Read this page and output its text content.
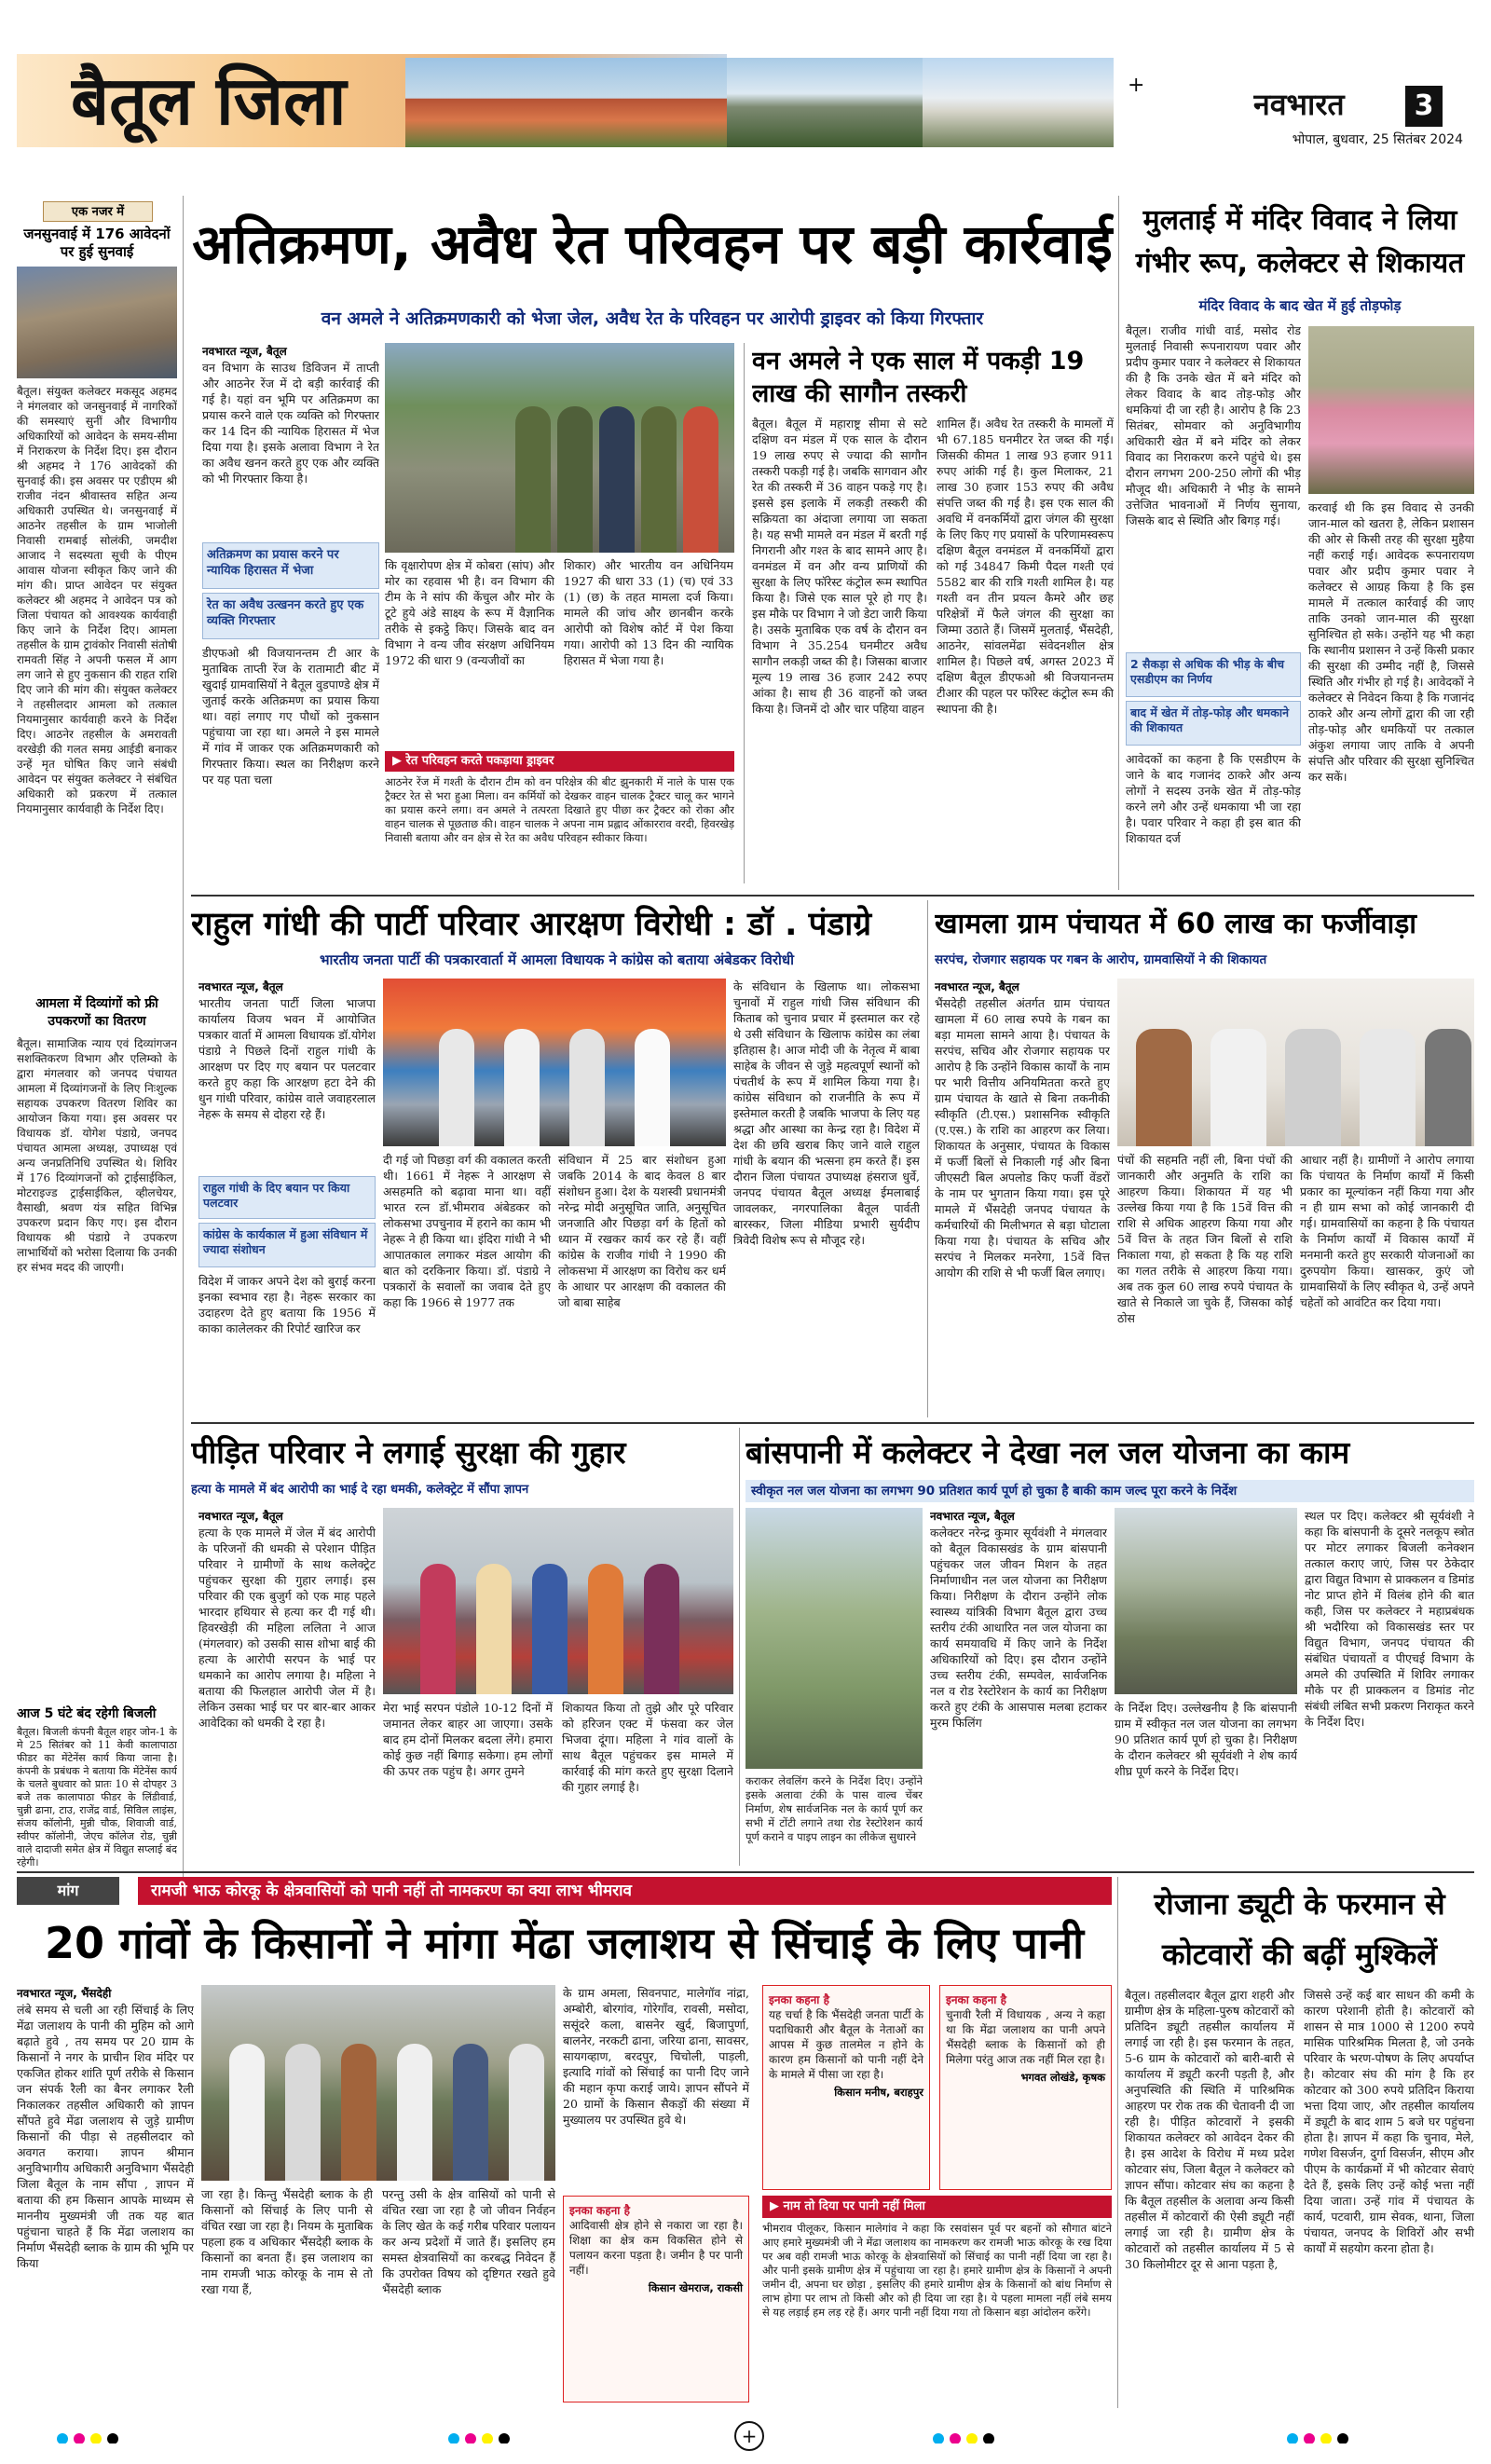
बैतूल जिला	+
नवभारत	3
भोपाल, बुधवार, 25 सितंबर 2024
एक नजर में
जनसुनवाई में 176 आवेदनों पर हुई सुनवाई
बैतूल। संयुक्त कलेक्टर मकसूद अहमद ने मंगलवार को जनसुनवाई में नागरिकों की समस्याएं सुनीं और विभागीय अधिकारियों को आवेदन के समय-सीमा में निराकरण के निर्देश दिए। इस दौरान श्री अहमद ने 176 आवेदकों की सुनवाई की। इस अवसर पर एडीएम श्री राजीव नंदन श्रीवास्तव सहित अन्य अधिकारी उपस्थित थे। जनसुनवाई में आठनेर तहसील के ग्राम भाजोली निवासी रामबाई सोलंकी, जमदीश आजाद ने सदस्यता सूची के पीएम आवास योजना स्वीकृत किए जाने की मांग की। प्राप्त आवेदन पर संयुक्त कलेक्टर श्री अहमद ने आवेदन पत्र को जिला पंचायत को आवश्यक कार्यवाही किए जाने के निर्देश दिए। आमला तहसील के ग्राम ट्रावंकोर निवासी संतोषी रामवती सिंह ने अपनी फसल में आग लग जाने से हुए नुकसान की राहत राशि दिए जाने की मांग की। संयुक्त कलेक्टर ने तहसीलदार आमला को तत्काल नियमानुसार कार्यवाही करने के निर्देश दिए। आठनेर तहसील के अमरावती वरखेड़ी की गलत समग्र आईडी बनाकर उन्हें मृत घोषित किए जाने संबंधी आवेदन पर संयुक्त कलेक्टर ने संबंधित अधिकारी को प्रकरण में तत्काल नियमानुसार कार्यवाही के निर्देश दिए।
आमला में दिव्यांगों को फ्री उपकरणों का वितरण
बैतूल। सामाजिक न्याय एवं दिव्यांगजन सशक्तिकरण विभाग और एलिम्को के द्वारा मंगलवार को जनपद पंचायत आमला में दिव्यांगजनों के लिए निःशुल्क सहायक उपकरण वितरण शिविर का आयोजन किया गया। इस अवसर पर विधायक डॉ. योगेश पंडाग्रे, जनपद पंचायत आमला अध्यक्ष, उपाध्यक्ष एवं अन्य जनप्रतिनिधि उपस्थित थे। शिविर में 176 दिव्यांगजनों को ट्राईसाईकिल, मोटराइज्ड ट्राईसाईकिल, व्हीलचेयर, वैसाखी, श्रवण यंत्र सहित विभिन्न उपकरण प्रदान किए गए। इस दौरान विधायक श्री पंडाग्रे ने उपकरण लाभार्थियों को भरोसा दिलाया कि उनकी हर संभव मदद की जाएगी।
आज 5 घंटे बंद रहेगी बिजली
बैतूल। बिजली कंपनी बैतूल शहर जोन-1 के मे 25 सितंबर को 11 केवी कालापाठा फीडर का मेंटेनेंस कार्य किया जाना है। कंपनी के प्रबंधक ने बताया कि मेंटेनेंस कार्य के चलते बुधवार को प्रातः 10 से दोपहर 3 बजे तक कालापाठा फीडर के लिंडीवार्ड, चुन्नी ढाना, टाउ, राजेंद्र वार्ड, सिविल लाइंस, संजय कॉलोनी, मुन्नी चौक, शिवाजी वार्ड, स्वीपर कॉलोनी, जेएच कॉलेज रोड, चुन्नी वाले दादाजी समेत क्षेत्र में विद्युत सप्लाई बंद रहेगी।
अतिक्रमण, अवैध रेत परिवहन पर बड़ी कार्रवाई
वन अमले ने अतिक्रमणकारी को भेजा जेल, अवैध रेत के परिवहन पर आरोपी ड्राइवर को किया गिरफ्तार
नवभारत न्यूज, बैतूल
वन विभाग के साउथ डिविजन में ताप्ती और आठनेर रेंज में दो बड़ी कार्रवाई की गई है। यहां वन भूमि पर अतिक्रमण का प्रयास करने वाले एक व्यक्ति को गिरफ्तार कर 14 दिन की न्यायिक हिरासत में भेज दिया गया है। इसके अलावा विभाग ने रेत का अवैध खनन करते हुए एक और व्यक्ति को भी गिरफ्तार किया है।
अतिक्रमण का प्रयास करने पर न्यायिक हिरासत में भेजा
रेत का अवैध उत्खनन करते हुए एक व्यक्ति गिरफ्तार
डीएफओ श्री विजयानन्तम टी आर के मुताबिक ताप्ती रेंज के रातामाटी बीट में खुदाई ग्रामवासियों ने बैतूल वुडपाण्डे क्षेत्र में जुताई करके अतिक्रमण का प्रयास किया था। वहां लगाए गए पौधों को नुकसान पहुंचाया जा रहा था। अमले ने इस मामले में गांव में जाकर एक अतिक्रमणकारी को गिरफ्तार किया। स्थल का निरीक्षण करने पर यह पता चला
कि वृक्षारोपण क्षेत्र में कोबरा (सांप) और मोर का रहवास भी है। वन विभाग की टीम के ने सांप की केंचुल और मोर के टूटे हुये अंडे साक्ष्य के रूप में वैज्ञानिक तरीके से इकट्ठे किए। जिसके बाद वन विभाग ने वन्य जीव संरक्षण अधिनियम 1972 की धारा 9 (वन्यजीवों का
शिकार) और भारतीय वन अधिनियम 1927 की धारा 33 (1) (च) एवं 33 (1) (छ) के तहत मामला दर्ज किया। मामले की जांच और छानबीन करके आरोपी को विशेष कोर्ट में पेश किया गया। आरोपी को 13 दिन की न्यायिक हिरासत में भेजा गया है।
▶ रेत परिवहन करते पकड़ाया ड्राइवर
आठनेर रेंज में गश्ती के दौरान टीम को वन परिक्षेत्र की बीट झुनकारी में नाले के पास एक ट्रैक्टर रेत से भरा हुआ मिला। वन कर्मियों को देखकर वाहन चालक ट्रैक्टर चालू कर भागने का प्रयास करने लगा। वन अमले ने तत्परता दिखाते हुए पीछा कर ट्रैक्टर को रोका और वाहन चालक से पूछताछ की। वाहन चालक ने अपना नाम प्रह्लाद ओंकारराव वरदी, हिवरखेड़ निवासी बताया और वन क्षेत्र से रेत का अवैध परिवहन स्वीकार किया।
वन अमले ने एक साल में पकड़ी 19 लाख की सागौन तस्करी
बैतूल। बैतूल में महाराष्ट्र सीमा से सटे दक्षिण वन मंडल में एक साल के दौरान 19 लाख रुपए से ज्यादा की सागौन तस्करी पकड़ी गई है। जबकि सागवान और रेत की तस्करी में 36 वाहन पकड़े गए है। इससे इस इलाके में लकड़ी तस्करी की सक्रियता का अंदाजा लगाया जा सकता है। यह सभी मामले वन मंडल में बरती गई निगरानी और गश्त के बाद सामने आए है। वनमंडल में वन और वन्य प्राणियों की सुरक्षा के लिए फॉरेस्ट कंट्रोल रूम स्थापित किया है। जिसे एक साल पूरे हो गए है। इस मौके पर विभाग ने जो डेटा जारी किया है। उसके मुताबिक एक वर्ष के दौरान वन विभाग ने 35.254 घनमीटर अवैध सागौन लकड़ी जब्त की है। जिसका बाजार मूल्य 19 लाख 36 हजार 242 रुपए आंका है। साथ ही 36 वाहनों को जब्त किया है। जिनमें दो और चार पहिया वाहन
शामिल हैं। अवैध रेत तस्करी के मामलों में भी 67.185 घनमीटर रेत जब्त की गई। जिसकी कीमत 1 लाख 93 हजार 911 रुपए आंकी गई है। कुल मिलाकर, 21 लाख 30 हजार 153 रुपए की अवैध संपत्ति जब्त की गई है। इस एक साल की अवधि में वनकर्मियों द्वारा जंगल की सुरक्षा के लिए किए गए प्रयासों के परिणामस्वरूप दक्षिण बैतूल वनमंडल में वनकर्मियों द्वारा को गई 34847 किमी पैदल गश्ती एवं 5582 बार की रात्रि गश्ती शामिल है। यह गश्ती वन तीन प्रयत्न कैमरे और छह परिक्षेत्रों में फैले जंगल की सुरक्षा का जिम्मा उठाते हैं। जिसमें मुलताई, भैंसदेही, आठनेर, सांवलमेंढा संवेदनशील क्षेत्र शामिल है। पिछले वर्ष, अगस्त 2023 में दक्षिण बैतूल डीएफओ श्री विजयानन्तम टीआर की पहल पर फॉरेस्ट कंट्रोल रूम की स्थापना की है।
मुलताई में मंदिर विवाद ने लिया गंभीर रूप, कलेक्टर से शिकायत
मंदिर विवाद के बाद खेत में हुई तोड़फोड़
बैतूल। राजीव गांधी वार्ड, मसोद रोड मुलताई निवासी रूपनारायण पवार और प्रदीप कुमार पवार ने कलेक्टर से शिकायत की है कि उनके खेत में बने मंदिर को लेकर विवाद के बाद तोड़-फोड़ और धमकियां दी जा रही है। आरोप है कि 23 सितंबर, सोमवार को अनुविभागीय अधिकारी खेत में बने मंदिर को लेकर विवाद का निराकरण करने पहुंचे थे। इस दौरान लगभग 200-250 लोगों की भीड़ मौजूद थी। अधिकारी ने भीड़ के सामने उत्तेजित भावनाओं में निर्णय सुनाया, जिसके बाद से स्थिति और बिगड़ गई।
2 सैकड़ा से अधिक की भीड़ के बीच एसडीएम का निर्णय
बाद में खेत में तोड़-फोड़ और धमकाने की शिकायत
आवेदकों का कहना है कि एसडीएम के जाने के बाद गजानंद ठाकरे और अन्य लोगों ने सदस्य उनके खेत में तोड़-फोड़ करने लगे और उन्हें धमकाया भी जा रहा है। पवार परिवार ने कहा ही इस बात की शिकायत दर्ज
करवाई थी कि इस विवाद से उनकी जान-माल को खतरा है, लेकिन प्रशासन की ओर से किसी तरह की सुरक्षा मुहैया नहीं कराई गई। आवेदक रूपनारायण पवार और प्रदीप कुमार पवार ने कलेक्टर से आग्रह किया है कि इस मामले में तत्काल कार्रवाई की जाए ताकि उनको जान-माल की सुरक्षा सुनिश्चित हो सके। उन्होंने यह भी कहा कि स्थानीय प्रशासन ने उन्हें किसी प्रकार की सुरक्षा की उम्मीद नहीं है, जिससे स्थिति और गंभीर हो गई है। आवेदकों ने कलेक्टर से निवेदन किया है कि गजानंद ठाकरे और अन्य लोगों द्वारा की जा रही तोड़-फोड़ और धमकियों पर तत्काल अंकुश लगाया जाए ताकि वे अपनी संपत्ति और परिवार की सुरक्षा सुनिश्चित कर सकें।
राहुल गांधी की पार्टी परिवार आरक्षण विरोधी : डॉ . पंडाग्रे
भारतीय जनता पार्टी की पत्रकारवार्ता में आमला विधायक ने कांग्रेस को बताया अंबेडकर विरोधी
नवभारत न्यूज, बैतूल
भारतीय जनता पार्टी जिला भाजपा कार्यालय विजय भवन में आयोजित पत्रकार वार्ता में आमला विधायक डॉ.योगेश पंडाग्रे ने पिछले दिनों राहुल गांधी के आरक्षण पर दिए गए बयान पर पलटवार करते हुए कहा कि आरक्षण हटा देने की धुन गांधी परिवार, कांग्रेस वाले जवाहरलाल नेहरू के समय से दोहरा रहे हैं।
राहुल गांधी के दिए बयान पर किया पलटवार
कांग्रेस के कार्यकाल में हुआ संविधान में ज्यादा संशोधन
विदेश में जाकर अपने देश को बुराई करना इनका स्वभाव रहा है। नेहरू सरकार का उदाहरण देते हुए बताया कि 1956 में काका कालेलकर की रिपोर्ट खारिज कर
दी गई जो पिछड़ा वर्ग की वकालत करती थी। 1661 में नेहरू ने आरक्षण से असहमति को बढ़ावा माना था। वहीं भारत रत्न डॉ.भीमराव अंबेडकर को लोकसभा उपचुनाव में हराने का काम भी नेहरू ने ही किया था। इंदिरा गांधी ने भी आपातकाल लगाकर मंडल आयोग की बात को दरकिनार किया। डॉ. पंडाग्रे ने पत्रकारों के सवालों का जवाब देते हुए कहा कि 1966 से 1977 तक
संविधान में 25 बार संशोधन हुआ जबकि 2014 के बाद केवल 8 बार संशोधन हुआ। देश के यशस्वी प्रधानमंत्री नरेन्द्र मोदी अनुसूचित जाति, अनुसूचित जनजाति और पिछड़ा वर्ग के हितों को ध्यान में रखकर कार्य कर रहे हैं। वहीं कांग्रेस के राजीव गांधी ने 1990 की लोकसभा में आरक्षण का विरोध कर धर्म के आधार पर आरक्षण की वकालत की जो बाबा साहेब
के संविधान के खिलाफ था। लोकसभा चुनावों में राहुल गांधी जिस संविधान की किताब को चुनाव प्रचार में इस्तमाल कर रहे थे उसी संविधान के खिलाफ कांग्रेस का लंबा इतिहास है। आज मोदी जी के नेतृत्व में बाबा साहेब के जीवन से जुड़े महत्वपूर्ण स्थानों को पंचतीर्थ के रूप में शामिल किया गया है। कांग्रेस संविधान को राजनीति के रूप में इस्तेमाल करती है जबकि भाजपा के लिए यह श्रद्धा और आस्था का केन्द्र रहा है। विदेश में देश की छवि खराब किए जाने वाले राहुल गांधी के बयान की भत्सना हम करते हैं। इस दौरान जिला पंचायत उपाध्यक्ष हंसराज धुर्वे, जनपद पंचायत बैतूल अध्यक्ष ईमलाबाई जावलकर, नगरपालिका बैतूल पार्वती बारस्कर, जिला मीडिया प्रभारी सुर्यदीप त्रिवेदी विशेष रूप से मौजूद रहे।
खामला ग्राम पंचायत में 60 लाख का फर्जीवाड़ा
सरपंच, रोजगार सहायक पर गबन के आरोप, ग्रामवासियों ने की शिकायत
नवभारत न्यूज, बैतूल
भैंसदेही तहसील अंतर्गत ग्राम पंचायत खामला में 60 लाख रुपये के गबन का बड़ा मामला सामने आया है। पंचायत के सरपंच, सचिव और रोजगार सहायक पर आरोप है कि उन्होंने विकास कार्यों के नाम पर भारी वित्तीय अनियमितता करते हुए ग्राम पंचायत के खाते से बिना तकनीकी स्वीकृति (टी.एस.) प्रशासनिक स्वीकृति (ए.एस.) के राशि का आहरण कर लिया। शिकायत के अनुसार, पंचायत के विकास में फर्जी बिलों से निकाली गई और बिना जीएसटी बिल अपलोड किए फर्जी वेंडरों के नाम पर भुगतान किया गया। इस पूरे मामले में भैंसदेही जनपद पंचायत के कर्मचारियों की मिलीभगत से बड़ा घोटाला किया गया है। पंचायत के सचिव और सरपंच ने मिलकर मनरेगा, 15वें वित्त आयोग की राशि से भी फर्जी बिल लगाए।
पंचों की सहमति नहीं ली, बिना पंचों की जानकारी और अनुमति के राशि का आहरण किया। शिकायत में यह भी उल्लेख किया गया है कि 15वें वित्त की राशि से अधिक आहरण किया गया और 5वें वित्त के तहत जिन बिलों से राशि निकाला गया, हो सकता है कि यह राशि का गलत तरीके से आहरण किया गया। अब तक कुल 60 लाख रुपये पंचायत के खाते से निकाले जा चुके हैं, जिसका कोई ठोस
आधार नहीं है। ग्रामीणों ने आरोप लगाया कि पंचायत के निर्माण कार्यों में किसी प्रकार का मूल्यांकन नहीं किया गया और न ही ग्राम सभा को कोई जानकारी दी गई। ग्रामवासियों का कहना है कि पंचायत के निर्माण कार्यों में विकास कार्यों में मनमानी करते हुए सरकारी योजनाओं का दुरुपयोग किया। खासकर, कुएं जो ग्रामवासियों के लिए स्वीकृत थे, उन्हें अपने चहेतों को आवंटित कर दिया गया।
पीड़ित परिवार ने लगाई सुरक्षा की गुहार
हत्या के मामले में बंद आरोपी का भाई दे रहा धमकी, कलेक्ट्रेट में सौंपा ज्ञापन
नवभारत न्यूज, बैतूल
हत्या के एक मामले में जेल में बंद आरोपी के परिजनों की धमकी से परेशान पीड़ित परिवार ने ग्रामीणों के साथ कलेक्ट्रेट पहुंचकर सुरक्षा की गुहार लगाई। इस परिवार की एक बुजुर्ग को एक माह पहले भारदार हथियार से हत्या कर दी गई थी। हिवरखेड़ी की महिला ललिता ने आज (मंगलवार) को उसकी सास शोभा बाई की हत्या के आरोपी सरपन के भाई पर धमकाने का आरोप लगाया है। महिला ने बताया की फिलहाल आरोपी जेल में है। लेकिन उसका भाई घर पर बार-बार आकर आवेदिका को धमकी दे रहा है।
मेरा भाई सरपन पंडोले 10-12 दिनों में जमानत लेकर बाहर आ जाएगा। उसके बाद हम दोनों मिलकर बदला लेंगे। हमारा कोई कुछ नहीं बिगाड़ सकेगा। हम लोगों की ऊपर तक पहुंच है। अगर तुमने
शिकायत किया तो तुझे और पूरे परिवार को हरिजन एक्ट में फंसवा कर जेल भिजवा दूंगा। महिला ने गांव वालों के साथ बैतूल पहुंचकर इस मामले में कार्रवाई की मांग करते हुए सुरक्षा दिलाने की गुहार लगाई है।
बांसपानी में कलेक्टर ने देखा नल जल योजना का काम
स्वीकृत नल जल योजना का लगभग 90 प्रतिशत कार्य पूर्ण हो चुका है बाकी काम जल्द पूरा करने के निर्देश
नवभारत न्यूज, बैतूल
कलेक्टर नरेन्द्र कुमार सूर्यवंशी ने मंगलवार को बैतूल विकासखंड के ग्राम बांसपानी पहुंचकर जल जीवन मिशन के तहत निर्माणाधीन नल जल योजना का निरीक्षण किया। निरीक्षण के दौरान उन्होंने लोक स्वास्थ्य यांत्रिकी विभाग बैतूल द्वारा उच्च स्तरीय टंकी आधारित नल जल योजना का कार्य समयावधि में किए जाने के निर्देश अधिकारियों को दिए। इस दौरान उन्होंने उच्च स्तरीय टंकी, सम्पवेल, सार्वजनिक नल व रोड रेस्टोरेशन के कार्य का निरीक्षण करते हुए टंकी के आसपास मलबा हटाकर मुरम फिलिंग
कराकर लेवलिंग करने के निर्देश दिए। उन्होंने इसके अलावा टंकी के पास वाल्व चेंबर निर्माण, शेष सार्वजनिक नल के कार्य पूर्ण कर सभी में टोंटी लगाने तथा रोड रेस्टोरेशन कार्य पूर्ण कराने व पाइप लाइन का लीकेज सुधारने
के निर्देश दिए। उल्लेखनीय है कि बांसपानी ग्राम में स्वीकृत नल जल योजना का लगभग 90 प्रतिशत कार्य पूर्ण हो चुका है। निरीक्षण के दौरान कलेक्टर श्री सूर्यवंशी ने शेष कार्य शीघ्र पूर्ण करने के निर्देश दिए।
स्थल पर दिए। कलेक्टर श्री सूर्यवंशी ने कहा कि बांसपानी के दूसरे नलकूप स्त्रोत पर मोटर लगाकर बिजली कनेक्शन तत्काल कराए जाएं, जिस पर ठेकेदार द्वारा विद्युत विभाग से प्राक्कलन व डिमांड नोट प्राप्त होने में विलंब होने की बात कही, जिस पर कलेक्टर ने महाप्रबंधक श्री भदौरिया को विकासखंड स्तर पर विद्युत विभाग, जनपद पंचायत की संबंधित पंचायतों व पीएचई विभाग के अमले की उपस्थिति में शिविर लगाकर मौके पर ही प्राक्कलन व डिमांड नोट संबंधी लंबित सभी प्रकरण निराकृत करने के निर्देश दिए।
मांग	रामजी भाऊ कोरकू के क्षेत्रवासियों को पानी नहीं तो नामकरण का क्या लाभ भीमराव
20 गांवों के किसानों ने मांगा मेंढा जलाशय से सिंचाई के लिए पानी
नवभारत न्यूज, भैंसदेही
लंबे समय से चली आ रही सिंचाई के लिए मेंढा जलाशय के पानी की मुहिम को आगे बढ़ाते हुवे , तय समय पर 20 ग्राम के किसानों ने नगर के प्राचीन शिव मंदिर पर एकजित होकर शांति पूर्ण तरीके से किसान जन संपर्क रैली का बैनर लगाकर रैली निकालकर तहसील अधिकारी को ज्ञापन सौंपते हुवे मेंढा जलाशय से जुड़े ग्रामीण किसानों की पीड़ा से तहसीलदार को अवगत कराया। ज्ञापन श्रीमान अनुविभागीय अधिकारी अनुविभाग भैंसदेही जिला बैतूल के नाम सौंपा , ज्ञापन में बताया की हम किसान आपके माध्यम से माननीय मुख्यमंत्री जी तक यह बात पहुंचाना चाहते हैं कि मेंढा जलाशय का निर्माण भैंसदेही ब्लाक के ग्राम की भूमि पर किया
के ग्राम अमला, सिवनपाट, मालेगॉव नांद्रा, अम्बोरी, बोरगांव, गोरेगाँव, रावसी, मसोदा, ससूंदरे कला, बासनेर खुर्द, बिजापुर्णा, बालनेर, नरकटी ढाना, जरिया ढाना, सावसर, सायगव्हाण, बरदपुर, चिचोली, पाड़ली, इत्यादि गांवों को सिंचाई का पानी दिए जाने की महान कृपा कराई जाये। ज्ञापन सौंपने में 20 ग्रामों के किसान सैकड़ों की संख्या में मुख्यालय पर उपस्थित हुवे थे।
जा रहा है। किन्तु भैंसदेही ब्लाक के ही किसानों को सिंचाई के लिए पानी से वंचित रखा जा रहा है। नियम के मुताबिक पहला हक व अधिकार भैंसदेही ब्लाक के किसानों का बनता हैं। इस जलाशय का नाम रामजी भाऊ कोरकू के नाम से तो रखा गया हैं,
परन्तु उसी के क्षेत्र वासियों को पानी से वंचित रखा जा रहा है जो जीवन निर्वहन के लिए खेत के कई गरीब परिवार पलायन कर अन्य प्रदेशों में जाते हैं। इसलिए हम समस्त क्षेत्रवासियों का करबद्ध निवेदन हैं कि उपरोक्त विषय को दृष्टिगत रखते हुवे भैंसदेही ब्लाक
इनका कहना है
यह चर्चा है कि भैंसदेही जनता पार्टी के पदाधिकारी और बैतूल के नेताओं का आपस में कुछ तालमेल न होने के कारण हम किसानों को पानी नहीं देने के मामले में पीसा जा रहा है।
किसान मनीष, बराहपुर
इनका कहना है
चुनावी रैली में विधायक , अन्य ने कहा था कि मेंढा जलाशय का पानी अपने भैंसदेही ब्लाक के किसानों को ही मिलेगा परंतु आज तक नहीं मिल रहा है।
भगवत लोखंडे, कृषक
इनका कहना है
आदिवासी क्षेत्र होने से नकारा जा रहा है। शिक्षा का क्षेत्र कम विकसित होने से पलायन करना पड़ता है। जमीन है पर पानी नहीं।
किसान खेमराज, राकसी
▶ नाम तो दिया पर पानी नहीं मिला
भीमराव पीलूकर, किसान मालेगांव ने कहा कि रसवांसन पूर्व पर बहनों को सौगात बांटने आए हमारे मुख्यमंत्री जी ने मेंढा जलाशय का नामकरण कर रामजी भाऊ कोरकू के रख दिया पर अब वही रामजी भाऊ कोरकू के क्षेत्रवासियों को सिंचाई का पानी नहीं दिया जा रहा है। और पानी इसके ग्रामीण क्षेत्र में पहुंचाया जा रहा है। हमारे ग्रामीण क्षेत्र के किसानों ने अपनी जमीन दी, अपना घर छोड़ा , इसलिए की हमारे ग्रामीण क्षेत्र के किसानों को बांध निर्माण से लाभ होगा पर लाभ तो किसी और को ही दिया जा रहा है। ये पहला मामला नहीं लंबे समय से यह लड़ाई हम लड़ रहे हैं। अगर पानी नहीं दिया गया तो किसान बड़ा आंदोलन करेंगे।
रोजाना ड्यूटी के फरमान से कोटवारों की बढ़ीं मुश्किलें
बैतूल। तहसीलदार बैतूल द्वारा शहरी और ग्रामीण क्षेत्र के महिला-पुरुष कोटवारों को प्रतिदिन ड्यूटी तहसील कार्यालय में लगाई जा रही है। इस फरमान के तहत, 5-6 ग्राम के कोटवारों को बारी-बारी से कार्यालय में ड्यूटी करनी पड़ती है, और अनुपस्थिति की स्थिति में पारिश्रमिक आहरण पर रोक तक की चेतावनी दी जा रही है। पीड़ित कोटवारों ने इसकी शिकायत कलेक्टर को आवेदन देकर की है। इस आदेश के विरोध में मध्य प्रदेश कोटवार संघ, जिला बैतूल ने कलेक्टर को ज्ञापन सौंपा। कोटवार संघ का कहना है कि बैतूल तहसील के अलावा अन्य किसी तहसील में कोटवारों की ऐसी ड्यूटी नहीं लगाई जा रही है। ग्रामीण क्षेत्र के कोटवारों को तहसील कार्यालय में 5 से 30 किलोमीटर दूर से आना पड़ता है,
जिससे उन्हें कई बार साधन की कमी के कारण परेशानी होती है। कोटवारों को शासन से मात्र 1000 से 1200 रुपये मासिक पारिश्रमिक मिलता है, जो उनके परिवार के भरण-पोषण के लिए अपर्याप्त है। कोटवार संघ की मांग है कि हर कोटवार को 300 रुपये प्रतिदिन किराया भत्ता दिया जाए, और तहसील कार्यालय में ड्यूटी के बाद शाम 5 बजे घर पहुंचना होता है। ज्ञापन में कहा कि चुनाव, मेले, गणेश विसर्जन, दुर्गा विसर्जन, सीएम और पीएम के कार्यक्रमों में भी कोटवार सेवाएं देते हैं, इसके लिए उन्हें कोई भत्ता नहीं दिया जाता। उन्हें गांव में पंचायत के कार्य, पटवारी, ग्राम सेवक, थाना, जिला पंचायत, जनपद के शिविरों और सभी कार्यों में सहयोग करना होता है।
+
